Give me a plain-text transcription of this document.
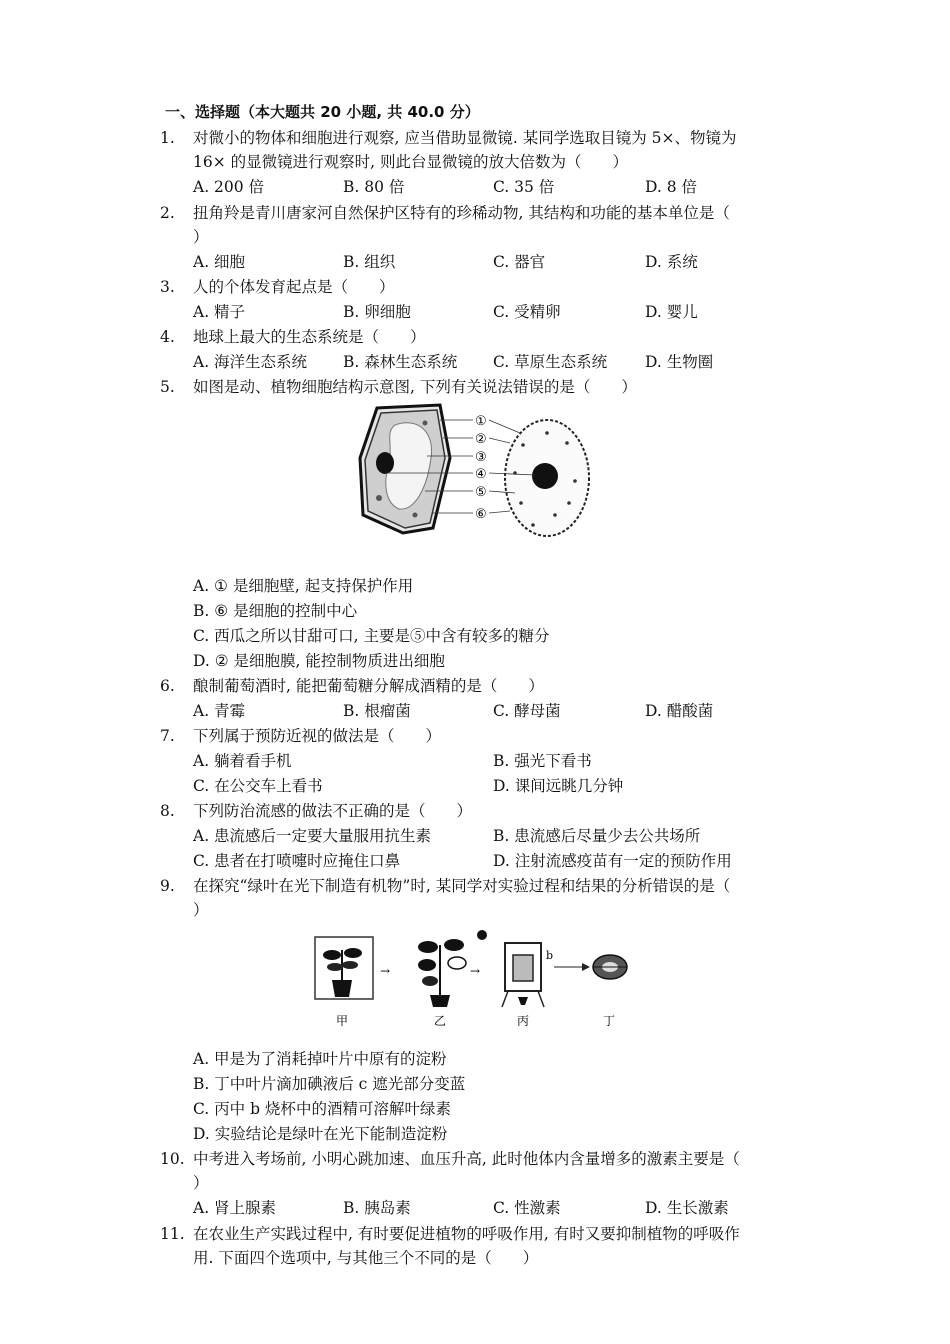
一、选择题（本大题共 20 小题, 共 40.0 分）
1. 对微小的物体和细胞进行观察, 应当借助显微镜. 某同学选取目镜为 5×、物镜为
16× 的显微镜进行观察时, 则此台显微镜的放大倍数为（　　）
A. 200 倍	B. 80 倍	C. 35 倍	D. 8 倍
2. 扭角羚是青川唐家河自然保护区特有的珍稀动物, 其结构和功能的基本单位是（
）
A. 细胞	B. 组织	C. 器官	D. 系统
3. 人的个体发育起点是（　　）
A. 精子	B. 卵细胞	C. 受精卵	D. 婴儿
4. 地球上最大的生态系统是（　　）
A. 海洋生态系统 B. 森林生态系统 C. 草原生态系统 D. 生物圈
5. 如图是动、植物细胞结构示意图, 下列有关说法错误的是（　　）
①
②
③
④
⑤
⑥
A. ① 是细胞壁, 起支持保护作用
B. ⑥ 是细胞的控制中心
C. 西瓜之所以甘甜可口, 主要是⑤中含有较多的糖分
D. ② 是细胞膜, 能控制物质进出细胞
6. 酿制葡萄酒时, 能把葡萄糖分解成酒精的是（　　）
A. 青霉	B. 根瘤菌	C. 酵母菌	D. 醋酸菌
7. 下列属于预防近视的做法是（　　）
A. 躺着看手机	B. 强光下看书
C. 在公交车上看书	D. 课间远眺几分钟
8. 下列防治流感的做法不正确的是（　　）
A. 患流感后一定要大量服用抗生素	B. 患流感后尽量少去公共场所
C. 患者在打喷嚏时应掩住口鼻	D. 注射流感疫苗有一定的预防作用
9. 在探究“绿叶在光下制造有机物”时, 某同学对实验过程和结果的分析错误的是（
）
→	→
b
甲	乙	丙	丁
A. 甲是为了消耗掉叶片中原有的淀粉
B. 丁中叶片滴加碘液后 c 遮光部分变蓝
C. 丙中 b 烧杯中的酒精可溶解叶绿素
D. 实验结论是绿叶在光下能制造淀粉
10. 中考进入考场前, 小明心跳加速、血压升高, 此时他体内含量增多的激素主要是（
）
A. 肾上腺素	B. 胰岛素	C. 性激素	D. 生长激素
11. 在农业生产实践过程中, 有时要促进植物的呼吸作用, 有时又要抑制植物的呼吸作
用. 下面四个选项中, 与其他三个不同的是（　　）
